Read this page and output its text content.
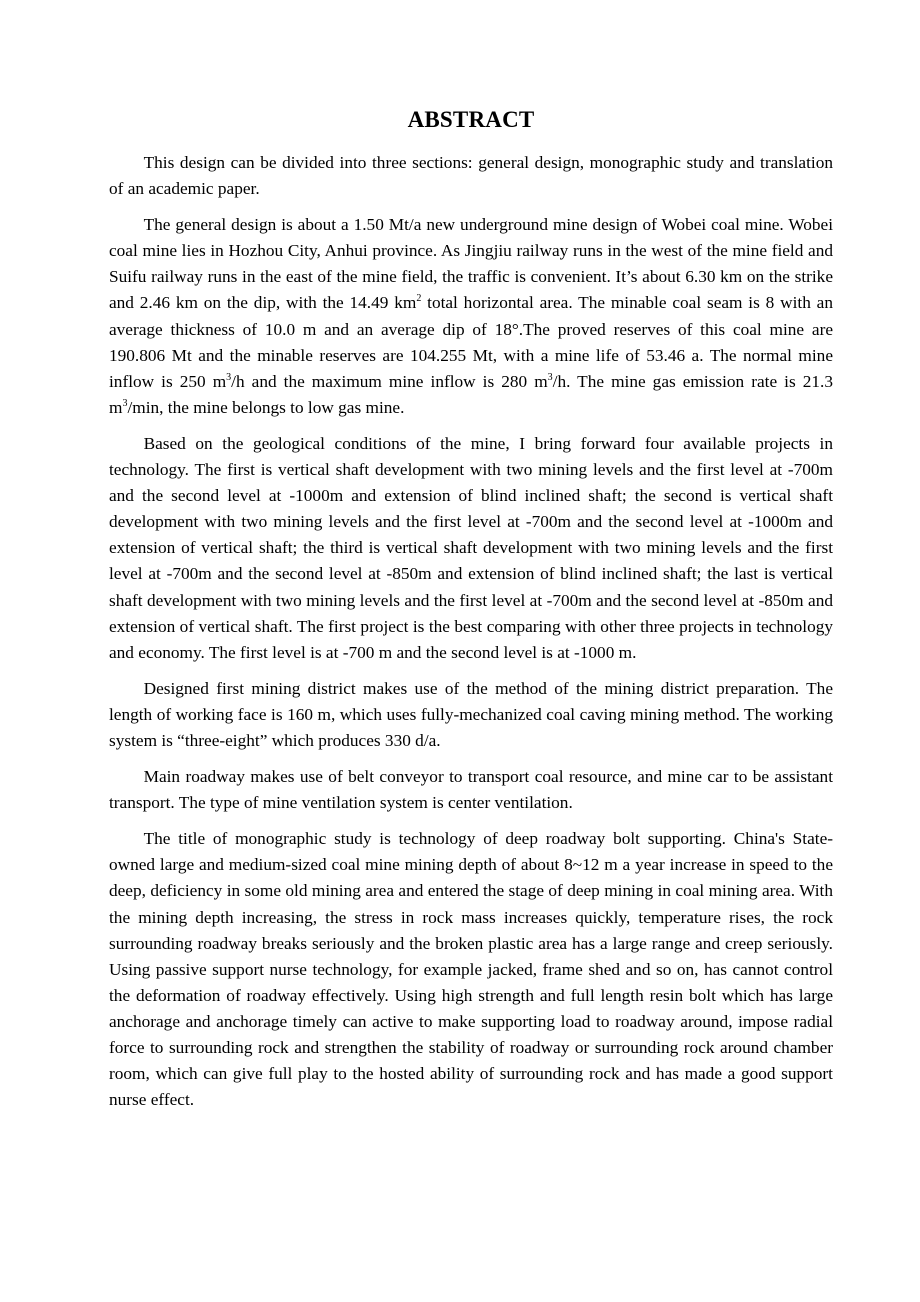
ABSTRACT

This design can be divided into three sections: general design, monographic study and translation of an academic paper.

The general design is about a 1.50 Mt/a new underground mine design of Wobei coal mine. Wobei coal mine lies in Hozhou City, Anhui province. As Jingjiu railway runs in the west of the mine field and Suifu railway runs in the east of the mine field, the traffic is convenient. It’s about 6.30 km on the strike and 2.46 km on the dip, with the 14.49 $km^2$ total horizontal area. The minable coal seam is 8 with an average thickness of 10.0 m and an average dip of 18°.The proved reserves of this coal mine are 190.806 Mt and the minable reserves are 104.255 Mt, with a mine life of 53.46 a. The normal mine inflow is 250 $m^3/h$ and the maximum mine inflow is 280 $m^3/h$. The mine gas emission rate is 21.3 $m^3/\min$, the mine belongs to low gas mine.

Based on the geological conditions of the mine, I bring forward four available projects in technology. The first is vertical shaft development with two mining levels and the first level at -700m and the second level at -1000m and extension of blind inclined shaft; the second is vertical shaft development with two mining levels and the first level at -700m and the second level at -1000m and extension of vertical shaft; the third is vertical shaft development with two mining levels and the first level at -700m and the second level at -850m and extension of blind inclined shaft; the last is vertical shaft development with two mining levels and the first level at -700m and the second level at -850m and extension of vertical shaft. The first project is the best comparing with other three projects in technology and economy. The first level is at -700 m and the second level is at -1000 m.

Designed first mining district makes use of the method of the mining district preparation. The length of working face is 160 m, which uses fully-mechanized coal caving mining method. The working system is “three-eight” which produces 330 d/a.

Main roadway makes use of belt conveyor to transport coal resource, and mine car to be assistant transport. The type of mine ventilation system is center ventilation.

The title of monographic study is technology of deep roadway bolt supporting. China's State-owned large and medium-sized coal mine mining depth of about 8~12 m a year increase in speed to the deep, deficiency in some old mining area and entered the stage of deep mining in coal mining area. With the mining depth increasing, the stress in rock mass increases quickly, temperature rises, the rock surrounding roadway breaks seriously and the broken plastic area has a large range and creep seriously. Using passive support nurse technology, for example jacked, frame shed and so on, has cannot control the deformation of roadway effectively. Using high strength and full length resin bolt which has large anchorage and anchorage timely can active to make supporting load to roadway around, impose radial force to surrounding rock and strengthen the stability of roadway or surrounding rock around chamber room, which can give full play to the hosted ability of surrounding rock and has made a good support nurse effect.
